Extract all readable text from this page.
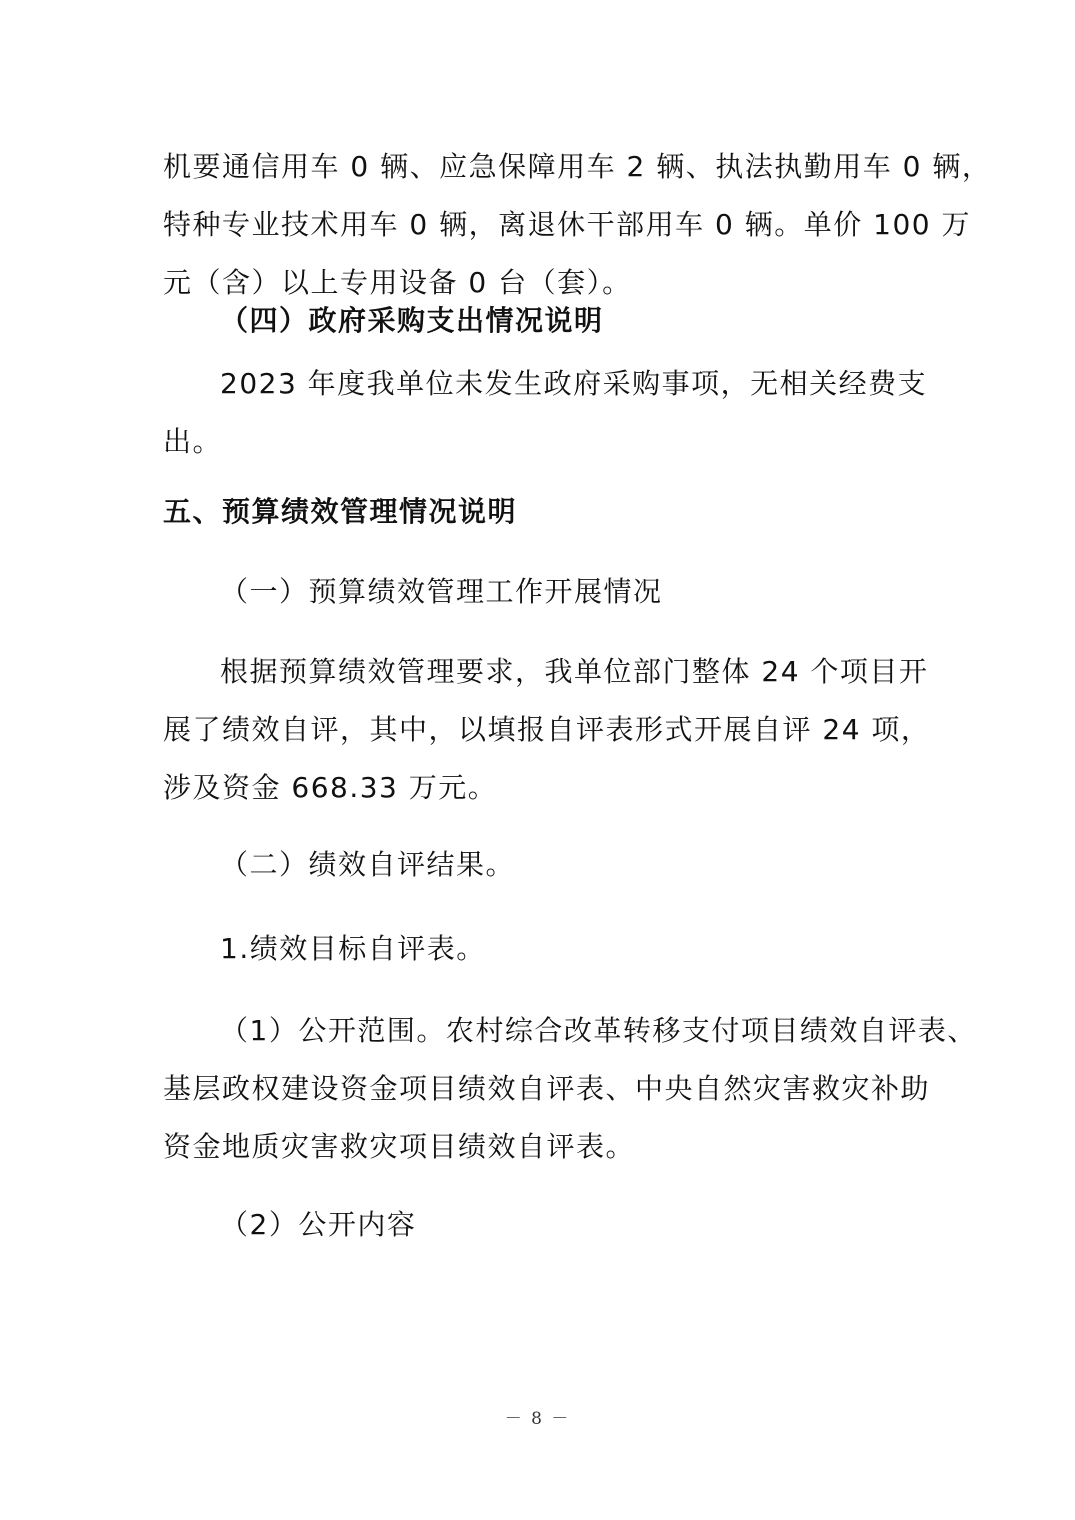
机要通信用车 0 辆、应急保障用车 2 辆、执法执勤用车 0 辆，
特种专业技术用车 0 辆，离退休干部用车 0 辆。单价 100 万
元（含）以上专用设备 0 台（套）。
（四）政府采购支出情况说明
2023 年度我单位未发生政府采购事项，无相关经费支
出。
五、预算绩效管理情况说明
（一）预算绩效管理工作开展情况
根据预算绩效管理要求，我单位部门整体 24 个项目开
展了绩效自评，其中，以填报自评表形式开展自评 24 项，
涉及资金 668.33 万元。
（二）绩效自评结果。
1.绩效目标自评表。
（1）公开范围。农村综合改革转移支付项目绩效自评表、
基层政权建设资金项目绩效自评表、中央自然灾害救灾补助
资金地质灾害救灾项目绩效自评表。
（2）公开内容
－ 8 －
